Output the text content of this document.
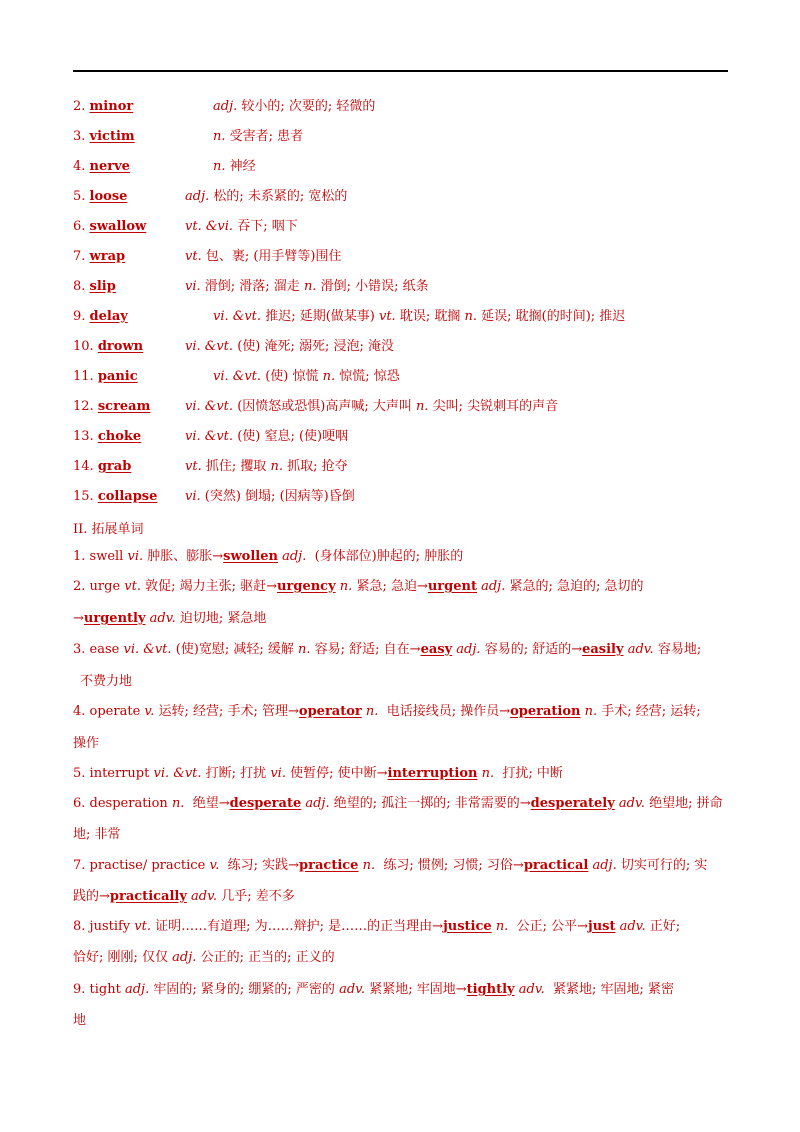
2. minor	adj. 较小的; 次要的; 轻微的
3. victim	n. 受害者; 患者
4. nerve	n. 神经
5. loose	adj. 松的; 未系紧的; 宽松的
6. swallow	vt. &vi. 吞下; 咽下
7. wrap	vt. 包、裹; (用手臂等)围住
8. slip	vi. 滑倒; 滑落; 溜走 n. 滑倒; 小错误; 纸条
9. delay	vi. &vt. 推迟; 延期(做某事) vt. 耽误; 耽搁 n. 延误; 耽搁(的时间); 推迟
10. drown	vi. &vt. (使) 淹死; 溺死; 浸泡; 淹没
11. panic	vi. &vt. (使) 惊慌 n. 惊慌; 惊恐
12. scream	vi. &vt. (因愤怒或恐惧)高声喊; 大声叫 n. 尖叫; 尖锐刺耳的声音
13. choke	vi. &vt. (使) 窒息; (使)哽咽
14. grab	vt. 抓住; 攫取 n. 抓取; 抢夺
15. collapse vi. (突然) 倒塌; (因病等)昏倒
II. 拓展单词
1. swell vi. 肿胀、膨胀→swollen adj. (身体部位)肿起的; 肿胀的
2. urge vt. 敦促; 竭力主张; 驱赶→urgency n. 紧急; 急迫→urgent adj. 紧急的; 急迫的; 急切的
→urgently adv. 迫切地; 紧急地
3. ease vi. &vt. (使)宽慰; 减轻; 缓解 n. 容易; 舒适; 自在→easy adj. 容易的; 舒适的→easily adv. 容易地;
不费力地
4. operate v. 运转; 经营; 手术; 管理→operator n. 电话接线员; 操作员→operation n. 手术; 经营; 运转;
操作
5. interrupt vi. &vt. 打断; 打扰 vi. 使暂停; 使中断→interruption n. 打扰; 中断
6. desperation n. 绝望→desperate adj. 绝望的; 孤注一掷的; 非常需要的→desperately adv. 绝望地; 拼命
地; 非常
7. practise/ practice v. 练习; 实践→practice n. 练习; 惯例; 习惯; 习俗→practical adj. 切实可行的; 实
践的→practically adv. 几乎; 差不多
8. justify vt. 证明……有道理; 为……辩护; 是……的正当理由→justice n. 公正; 公平→just adv. 正好;
恰好; 刚刚; 仅仅 adj. 公正的; 正当的; 正义的
9. tight adj. 牢固的; 紧身的; 绷紧的; 严密的 adv. 紧紧地; 牢固地→tightly adv. 紧紧地; 牢固地; 紧密
地
